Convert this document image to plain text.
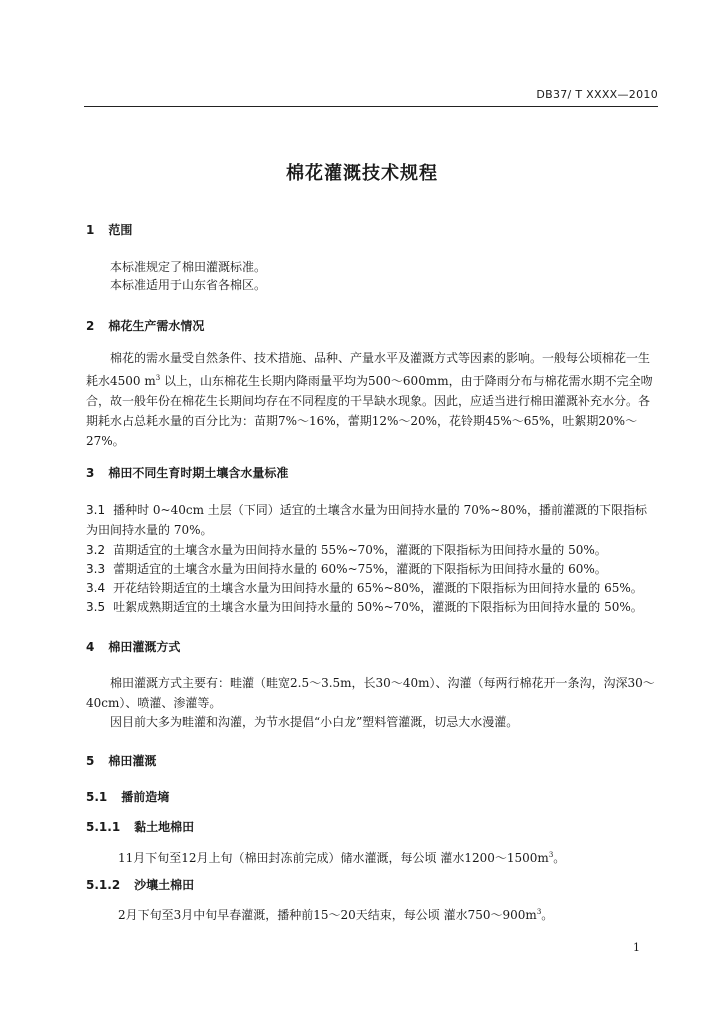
DB37/ T XXXX—2010
棉花灌溉技术规程
1 范围
本标准规定了棉田灌溉标准。
本标准适用于山东省各棉区。
2 棉花生产需水情况
棉花的需水量受自然条件、技术措施、品种、产量水平及灌溉方式等因素的影响。一般每公顷棉花一生耗水4500 $m^3$ 以上，山东棉花生长期内降雨量平均为500～600mm，由于降雨分布与棉花需水期不完全吻合，故一般年份在棉花生长期间均存在不同程度的干旱缺水现象。因此，应适当进行棉田灌溉补充水分。各期耗水占总耗水量的百分比为：苗期7%～16%，蕾期12%～20%，花铃期45%～65%，吐絮期20%～27%。
3 棉田不同生育时期土壤含水量标准
3.1 播种时 0~40cm 土层（下同）适宜的土壤含水量为田间持水量的 70%~80%，播前灌溉的下限指标为田间持水量的 70%。
3.2 苗期适宜的土壤含水量为田间持水量的 55%~70%，灌溉的下限指标为田间持水量的 50%。
3.3 蕾期适宜的土壤含水量为田间持水量的 60%~75%，灌溉的下限指标为田间持水量的 60%。
3.4 开花结铃期适宜的土壤含水量为田间持水量的 65%~80%，灌溉的下限指标为田间持水量的 65%。
3.5 吐絮成熟期适宜的土壤含水量为田间持水量的 50%~70%，灌溉的下限指标为田间持水量的 50%。
4 棉田灌溉方式
棉田灌溉方式主要有：畦灌（畦宽2.5～3.5m，长30～40m）、沟灌（每两行棉花开一条沟，沟深30～40cm）、喷灌、渗灌等。
因目前大多为畦灌和沟灌，为节水提倡“小白龙”塑料管灌溉，切忌大水漫灌。
5 棉田灌溉
5.1 播前造墒
5.1.1 黏土地棉田
11月下旬至12月上旬（棉田封冻前完成）储水灌溉，每公顷 灌水$1200\sim 1500m^3$。
5.1.2 沙壤土棉田
2月下旬至3月中旬早春灌溉，播种前15～20天结束，每公顷 灌水$750\sim 900m^3$。
1
